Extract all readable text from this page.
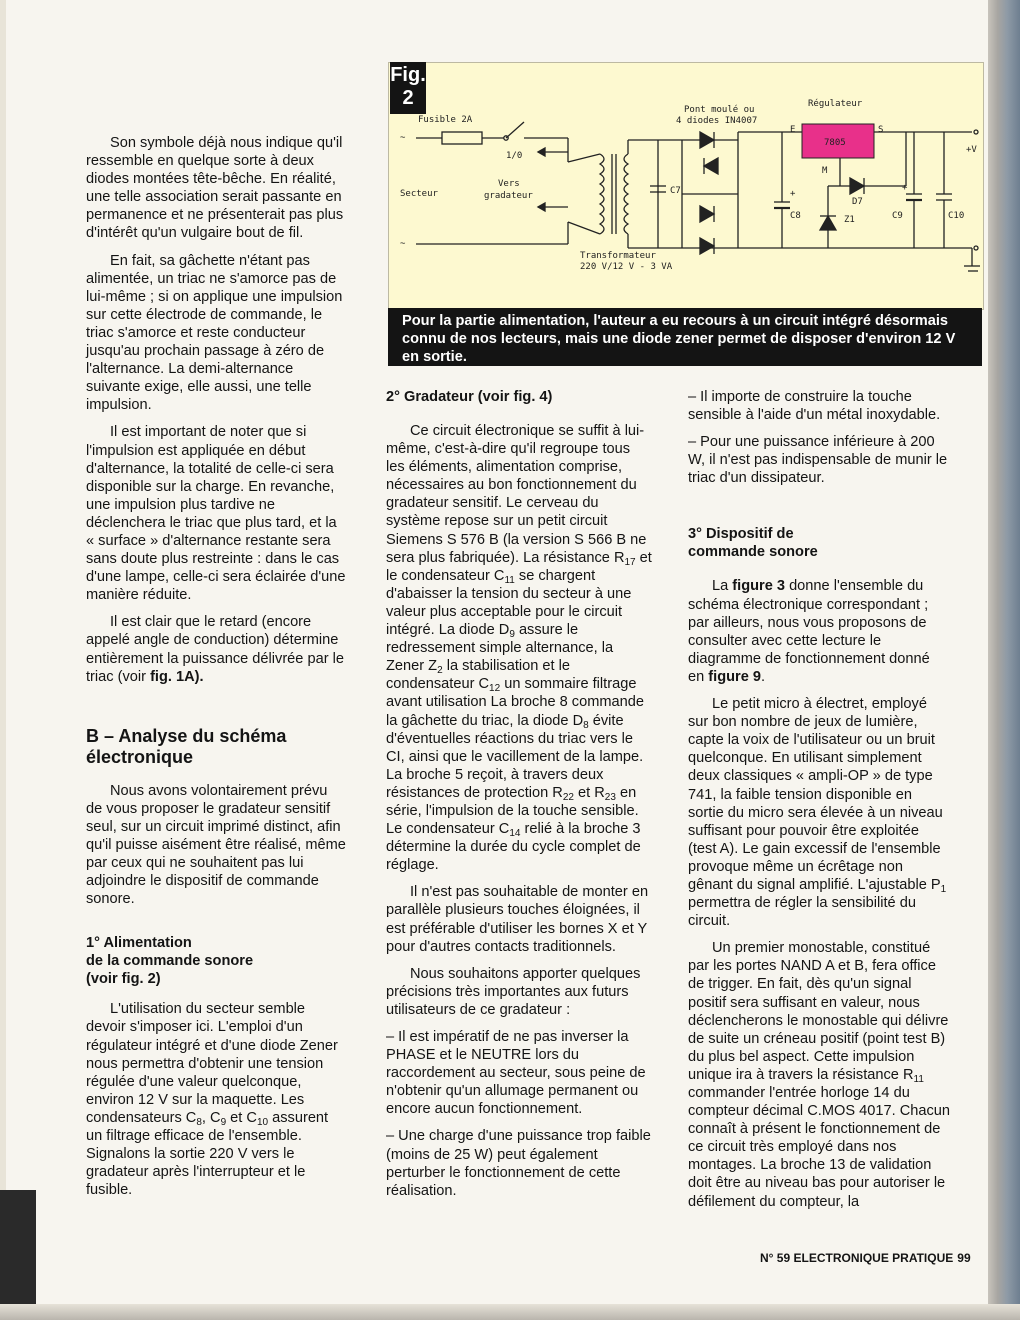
Fusible 2A
1/0
~
~
Secteur
Vers
gradateur
Pont moulé ou
4 diodes IN4007
Régulateur
7805
E	S
M
C7
C8	C9	C10
D7
Z1
+V
+
+
Transformateur
220 V/12 V - 3 VA
Fig.
2
Pour la partie alimentation, l'auteur a eu recours à un circuit intégré désormais connu de nos lecteurs, mais une diode zener permet de disposer d'environ 12 V en sortie.

Son symbole déjà nous indique qu'il ressemble en quelque sorte à deux diodes montées tête-bêche. En réalité, une telle association serait passante en permanence et ne présenterait pas plus d'intérêt qu'un vulgaire bout de fil.

En fait, sa gâchette n'étant pas alimentée, un triac ne s'amorce pas de lui-même ; si on applique une impulsion sur cette électrode de commande, le triac s'amorce et reste conducteur jusqu'au prochain passage à zéro de l'alternance. La demi-alternance suivante exige, elle aussi, une telle impulsion.

Il est important de noter que si l'impulsion est appliquée en début d'alternance, la totalité de celle-ci sera disponible sur la charge. En revanche, une impulsion plus tardive ne déclenchera le triac que plus tard, et la « surface » d'alternance restante sera sans doute plus restreinte : dans le cas d'une lampe, celle-ci sera éclairée d'une manière réduite.

Il est clair que le retard (encore appelé angle de conduction) détermine entièrement la puissance délivrée par le triac (voir fig. 1A).

B – Analyse du schéma électronique

Nous avons volontairement prévu de vous proposer le gradateur sensitif seul, sur un circuit imprimé distinct, afin qu'il puisse aisément être réalisé, même par ceux qui ne souhaitent pas lui adjoindre le dispositif de commande sonore.

1° Alimentation
de la commande sonore
(voir fig. 2)

L'utilisation du secteur semble devoir s'imposer ici. L'emploi d'un régulateur intégré et d'une diode Zener nous permettra d'obtenir une tension régulée d'une valeur quelconque, environ 12 V sur la maquette. Les condensateurs $C_8$, $C_9$ et $C_{10}$ assurent un filtrage efficace de l'ensemble. Signalons la sortie 220 V vers le gradateur après l'interrupteur et le fusible.

2° Gradateur (voir fig. 4)

Ce circuit électronique se suffit à lui-même, c'est-à-dire qu'il regroupe tous les éléments, alimentation comprise, nécessaires au bon fonctionnement du gradateur sensitif. Le cerveau du système repose sur un petit circuit Siemens S 576 B (la version S 566 B ne sera plus fabriquée). La résistance $R_{17}$ et le condensateur $C_{11}$ se chargent d'abaisser la tension du secteur à une valeur plus acceptable pour le circuit intégré. La diode $D_9$ assure le redressement simple alternance, la Zener $Z_2$ la stabilisation et le condensateur $C_{12}$ un sommaire filtrage avant utilisation La broche 8 commande la gâchette du triac, la diode $D_8$ évite d'éventuelles réactions du triac vers le CI, ainsi que le vacillement de la lampe. La broche 5 reçoit, à travers deux résistances de protection $R_{22}$ et $R_{23}$ en série, l'impulsion de la touche sensible. Le condensateur $C_{14}$ relié à la broche 3 détermine la durée du cycle complet de réglage.

Il n'est pas souhaitable de monter en parallèle plusieurs touches éloignées, il est préférable d'utiliser les bornes X et Y pour d'autres contacts traditionnels.

Nous souhaitons apporter quelques précisions très importantes aux futurs utilisateurs de ce gradateur :

– Il est impératif de ne pas inverser la PHASE et le NEUTRE lors du raccordement au secteur, sous peine de n'obtenir qu'un allumage permanent ou encore aucun fonctionnement.

– Une charge d'une puissance trop faible (moins de 25 W) peut également perturber le fonctionnement de cette réalisation.

– Il importe de construire la touche sensible à l'aide d'un métal inoxydable.

– Pour une puissance inférieure à 200 W, il n'est pas indispensable de munir le triac d'un dissipateur.

3° Dispositif de
commande sonore

La figure 3 donne l'ensemble du schéma électronique correspondant ; par ailleurs, nous vous proposons de consulter avec cette lecture le diagramme de fonctionnement donné en figure 9.

Le petit micro à électret, employé sur bon nombre de jeux de lumière, capte la voix de l'utilisateur ou un bruit quelconque. En utilisant simplement deux classiques « ampli-OP » de type 741, la faible tension disponible en sortie du micro sera élevée à un niveau suffisant pour pouvoir être exploitée (test A). Le gain excessif de l'ensemble provoque même un écrêtage non gênant du signal amplifié. L'ajustable $P_1$ permettra de régler la sensibilité du circuit.

Un premier monostable, constitué par les portes NAND A et B, fera office de trigger. En fait, dès qu'un signal positif sera suffisant en valeur, nous déclencherons le monostable qui délivre de suite un créneau positif (point test B) du plus bel aspect. Cette impulsion unique ira à travers la résistance $R_{11}$ commander l'entrée horloge 14 du compteur décimal C.MOS 4017. Chacun connaît à présent le fonctionnement de ce circuit très employé dans nos montages. La broche 13 de validation doit être au niveau bas pour autoriser le défilement du compteur, la

N° 59 ELECTRONIQUE PRATIQUE 99
